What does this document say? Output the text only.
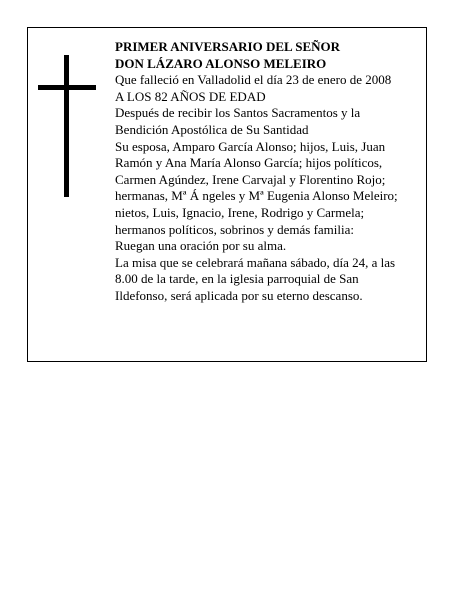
PRIMER ANIVERSARIO DEL SEÑOR

DON LÁZARO ALONSO MELEIRO

Que falleció en Valladolid el día 23 de enero de 2008

A LOS 82 AÑOS DE EDAD

Después de recibir los Santos Sacramentos y la

Bendición Apostólica de Su Santidad

Su esposa, Amparo García Alonso; hijos, Luis, Juan

Ramón y Ana María Alonso García; hijos políticos,

Carmen Agúndez, Irene Carvajal y Florentino Rojo;

hermanas, Mª Á ngeles y Mª Eugenia Alonso Meleiro;

nietos, Luis, Ignacio, Irene, Rodrigo y Carmela;

hermanos políticos, sobrinos y demás familia:

Ruegan una oración por su alma.

La misa que se celebrará mañana sábado, día 24, a las

8.00 de la tarde, en la iglesia parroquial de San

Ildefonso, será aplicada por su eterno descanso.
